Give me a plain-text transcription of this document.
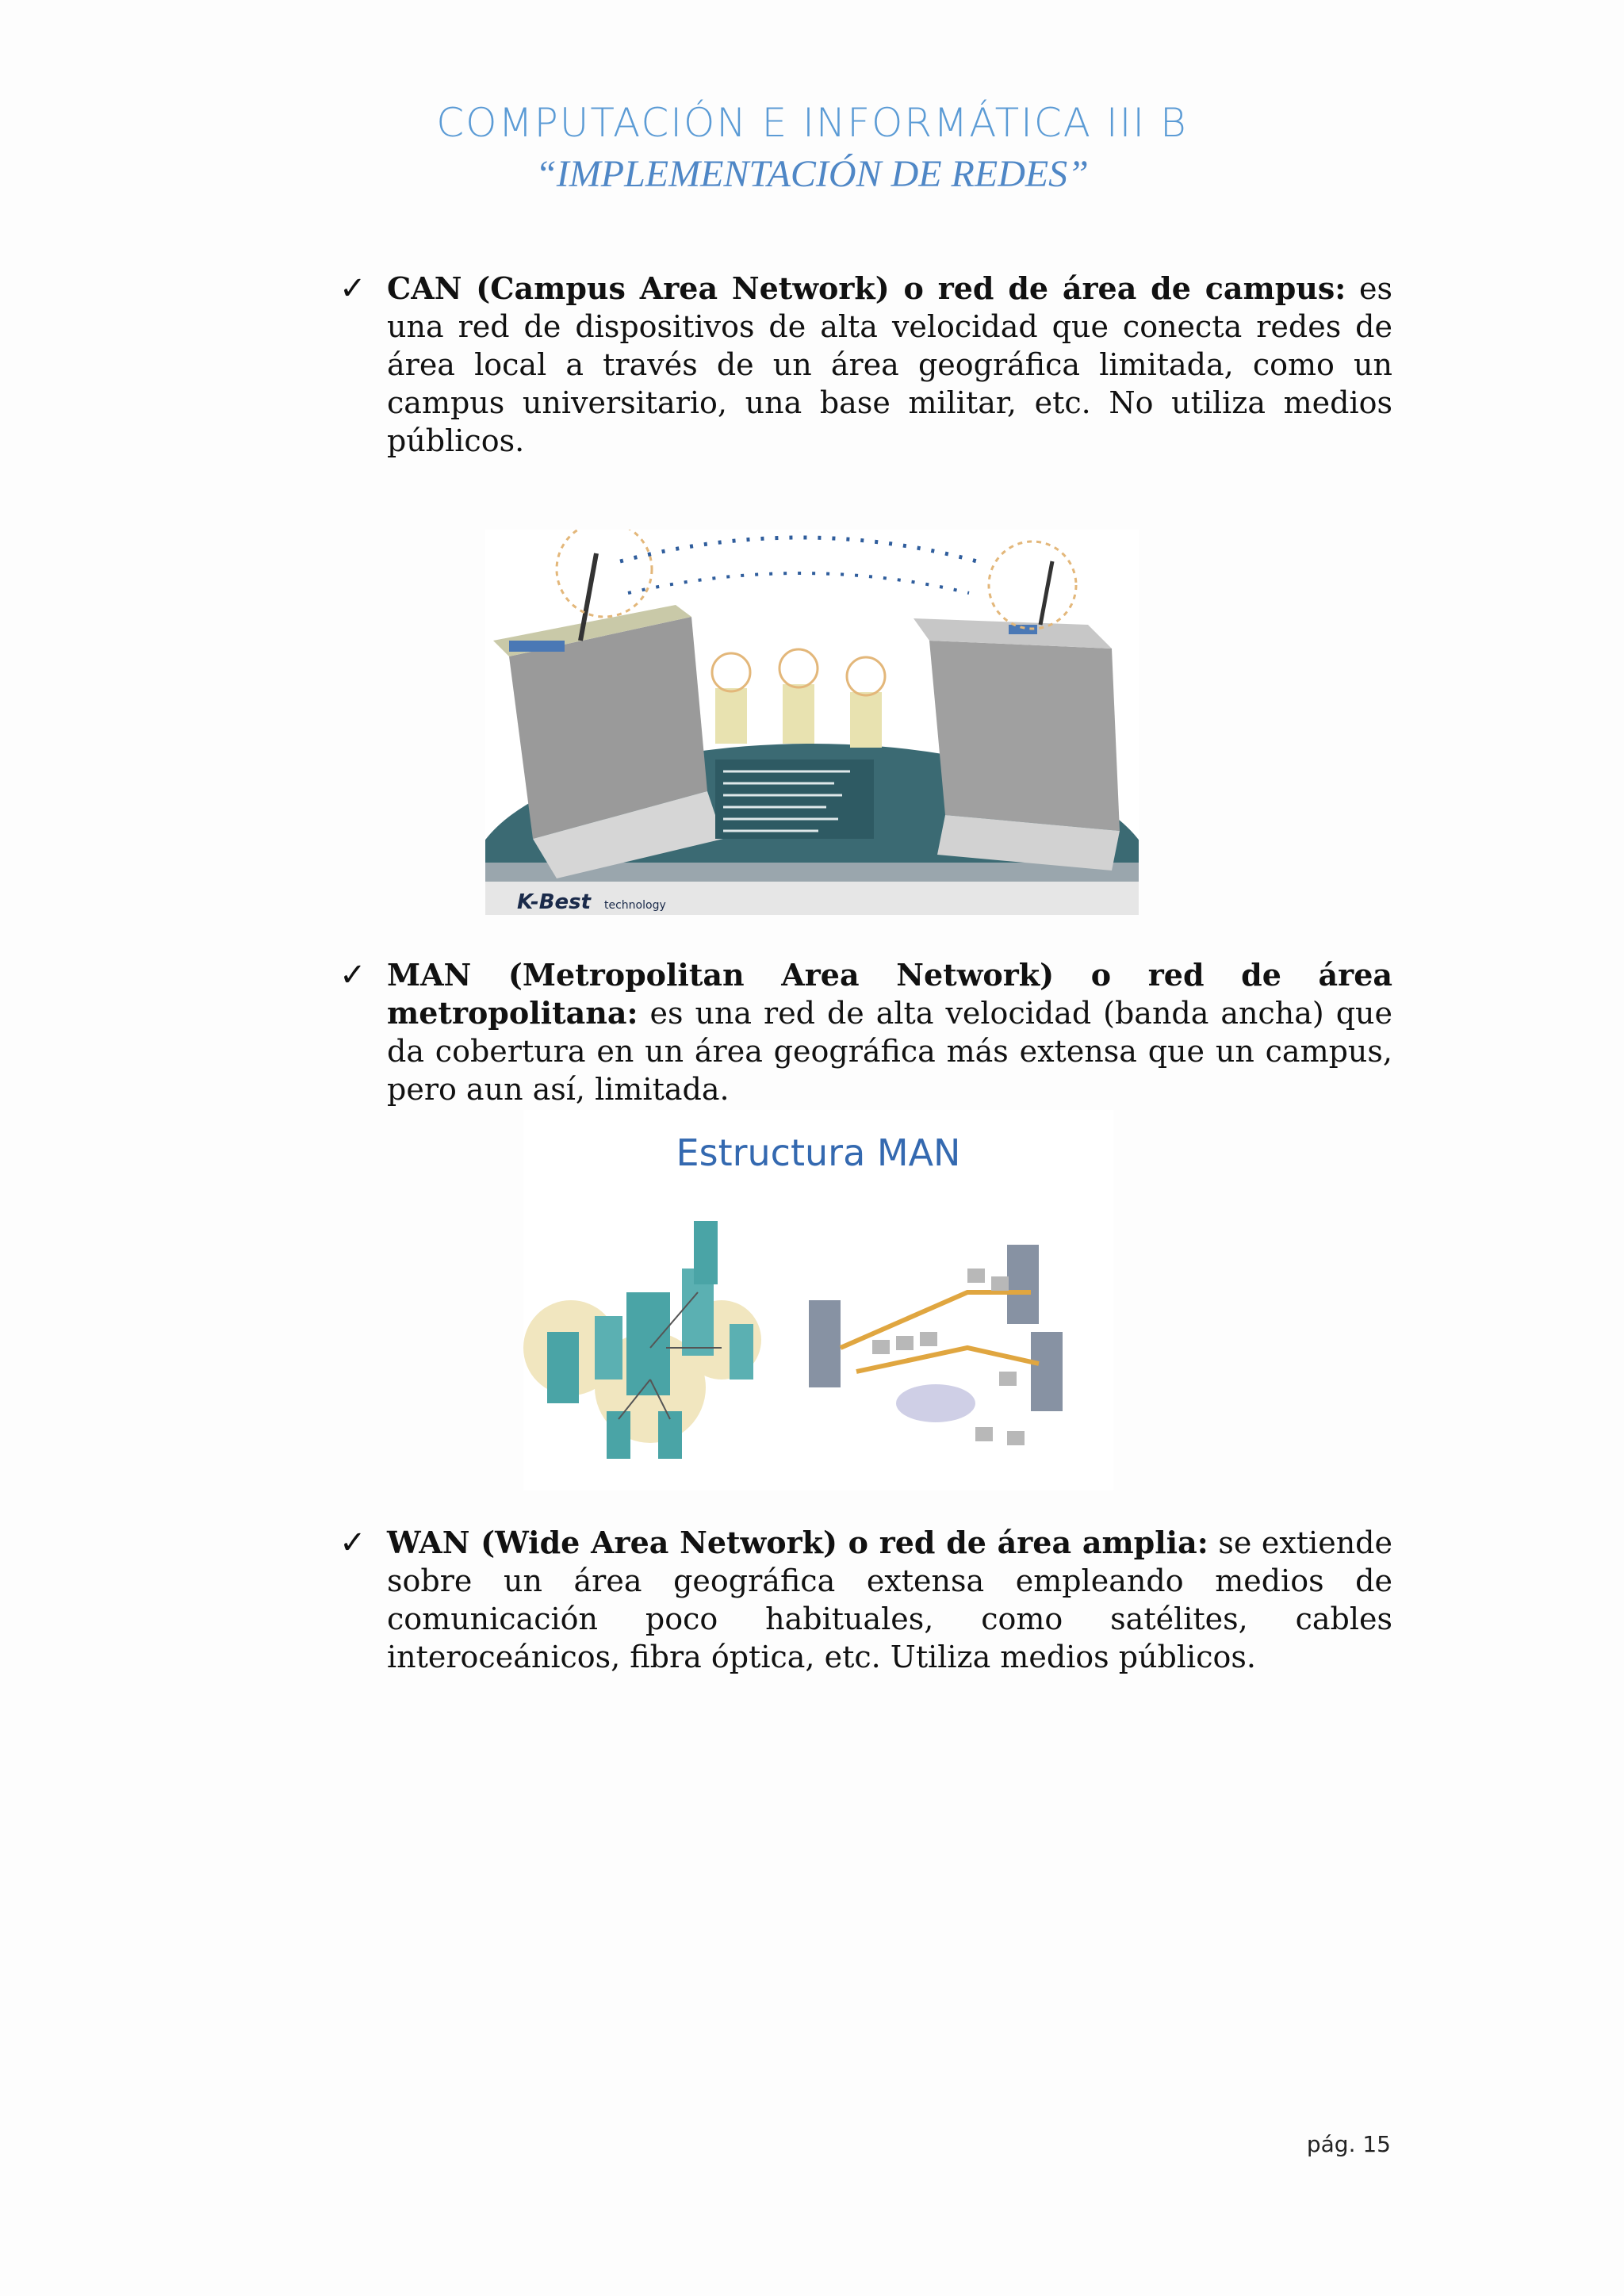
COMPUTACIÓN E INFORMÁTICA III B
“IMPLEMENTACIÓN DE REDES”
✓ CAN (Campus Area Network) o red de área de campus: es una red de dispositivos de alta velocidad que conecta redes de área local a través de un área geográfica limitada, como un campus universitario, una base militar, etc. No utiliza medios públicos.
K-Best technology
✓ MAN (Metropolitan Area Network) o red de área metropolitana: es una red de alta velocidad (banda ancha) que da cobertura en un área geográfica más extensa que un campus, pero aun así, limitada.
Estructura MAN
✓ WAN (Wide Area Network) o red de área amplia: se extiende sobre un área geográfica extensa empleando medios de comunicación poco habituales, como satélites, cables interoceánicos, fibra óptica, etc. Utiliza medios públicos.
pág. 15
